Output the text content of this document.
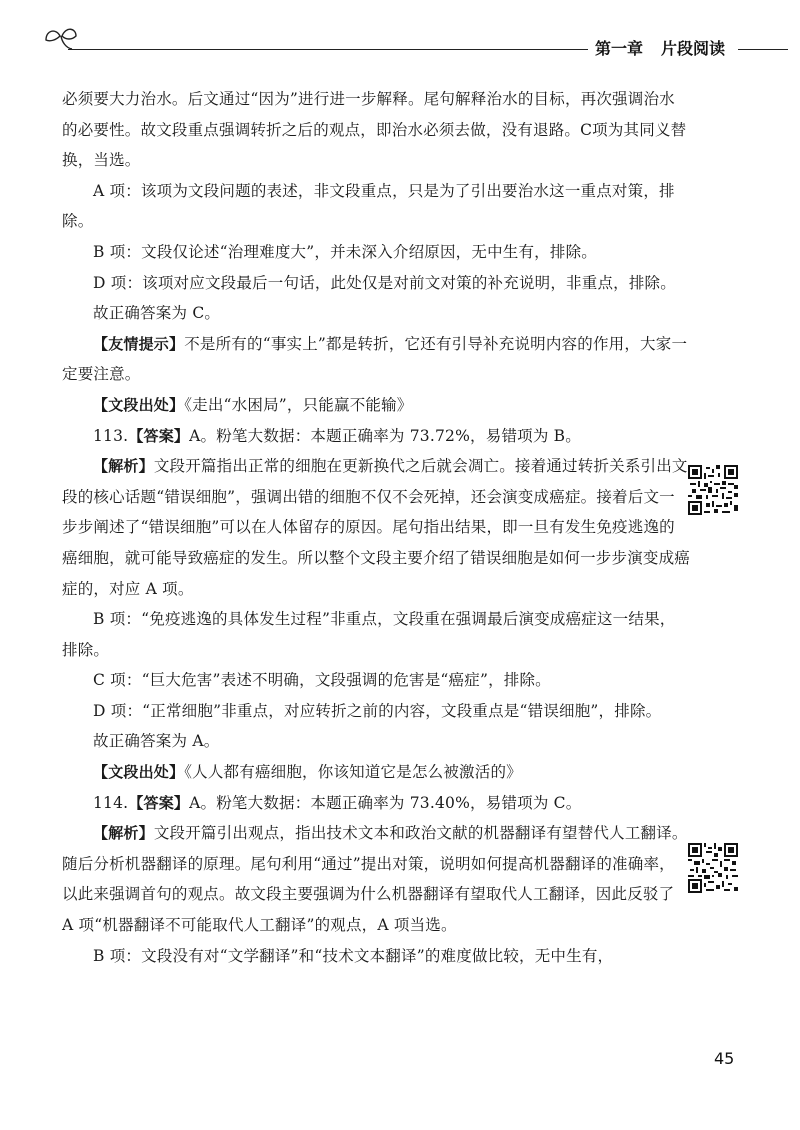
第一章 片段阅读

必须要大力治水。后文通过“因为”进行进一步解释。尾句解释治水的目标，再次强调治水的必要性。故文段重点强调转折之后的观点，即治水必须去做，没有退路。C项为其同义替换，当选。

A 项：该项为文段问题的表述，非文段重点，只是为了引出要治水这一重点对策，排除。

B 项：文段仅论述“治理难度大”，并未深入介绍原因，无中生有，排除。

D 项：该项对应文段最后一句话，此处仅是对前文对策的补充说明，非重点，排除。

故正确答案为 C。

【友情提示】不是所有的“事实上”都是转折，它还有引导补充说明内容的作用，大家一定要注意。

【文段出处】《走出“水困局”，只能赢不能输》

113.【答案】A。粉笔大数据：本题正确率为 73.72%，易错项为 B。

【解析】文段开篇指出正常的细胞在更新换代之后就会凋亡。接着通过转折关系引出文段的核心话题“错误细胞”，强调出错的细胞不仅不会死掉，还会演变成癌症。接着后文一步步阐述了“错误细胞”可以在人体留存的原因。尾句指出结果，即一旦有发生免疫逃逸的癌细胞，就可能导致癌症的发生。所以整个文段主要介绍了错误细胞是如何一步步演变成癌症的，对应 A 项。

B 项：“免疫逃逸的具体发生过程”非重点，文段重在强调最后演变成癌症这一结果，排除。

C 项：“巨大危害”表述不明确，文段强调的危害是“癌症”，排除。

D 项：“正常细胞”非重点，对应转折之前的内容，文段重点是“错误细胞”，排除。

故正确答案为 A。

【文段出处】《人人都有癌细胞，你该知道它是怎么被激活的》

114.【答案】A。粉笔大数据：本题正确率为 73.40%，易错项为 C。

【解析】文段开篇引出观点，指出技术文本和政治文献的机器翻译有望替代人工翻译。随后分析机器翻译的原理。尾句利用“通过”提出对策，说明如何提高机器翻译的准确率，以此来强调首句的观点。故文段主要强调为什么机器翻译有望取代人工翻译，因此反驳了 A 项“机器翻译不可能取代人工翻译”的观点，A 项当选。

B 项：文段没有对“文学翻译”和“技术文本翻译”的难度做比较，无中生有，

45
